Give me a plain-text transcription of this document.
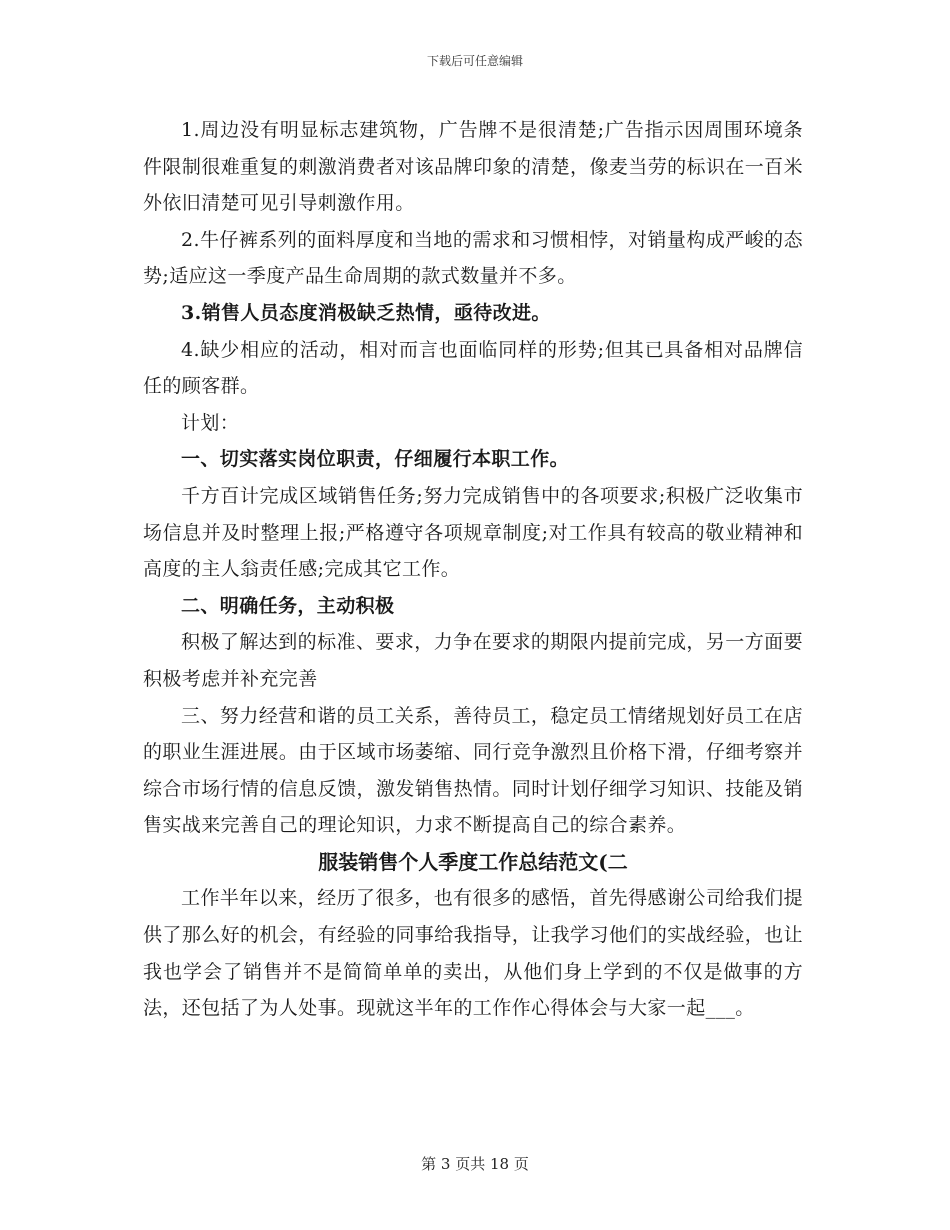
下载后可任意编辑

1.周边没有明显标志建筑物，广告牌不是很清楚;广告指示因周围环境条件限制很难重复的刺激消费者对该品牌印象的清楚，像麦当劳的标识在一百米外依旧清楚可见引导刺激作用。

2.牛仔裤系列的面料厚度和当地的需求和习惯相悖，对销量构成严峻的态势;适应这一季度产品生命周期的款式数量并不多。

3.销售人员态度消极缺乏热情，亟待改进。

4.缺少相应的活动，相对而言也面临同样的形势;但其已具备相对品牌信任的顾客群。

计划：

一、切实落实岗位职责，仔细履行本职工作。

千方百计完成区域销售任务;努力完成销售中的各项要求;积极广泛收集市场信息并及时整理上报;严格遵守各项规章制度;对工作具有较高的敬业精神和高度的主人翁责任感;完成其它工作。

二、明确任务，主动积极

积极了解达到的标准、要求，力争在要求的期限内提前完成，另一方面要积极考虑并补充完善

三、努力经营和谐的员工关系，善待员工，稳定员工情绪规划好员工在店的职业生涯进展。由于区域市场萎缩、同行竞争激烈且价格下滑，仔细考察并综合市场行情的信息反馈，激发销售热情。同时计划仔细学习知识、技能及销售实战来完善自己的理论知识，力求不断提高自己的综合素养。

服装销售个人季度工作总结范文(二

工作半年以来，经历了很多，也有很多的感悟，首先得感谢公司给我们提供了那么好的机会，有经验的同事给我指导，让我学习他们的实战经验，也让我也学会了销售并不是简简单单的卖出，从他们身上学到的不仅是做事的方法，还包括了为人处事。现就这半年的工作作心得体会与大家一起___。

第 3 页共 18 页
